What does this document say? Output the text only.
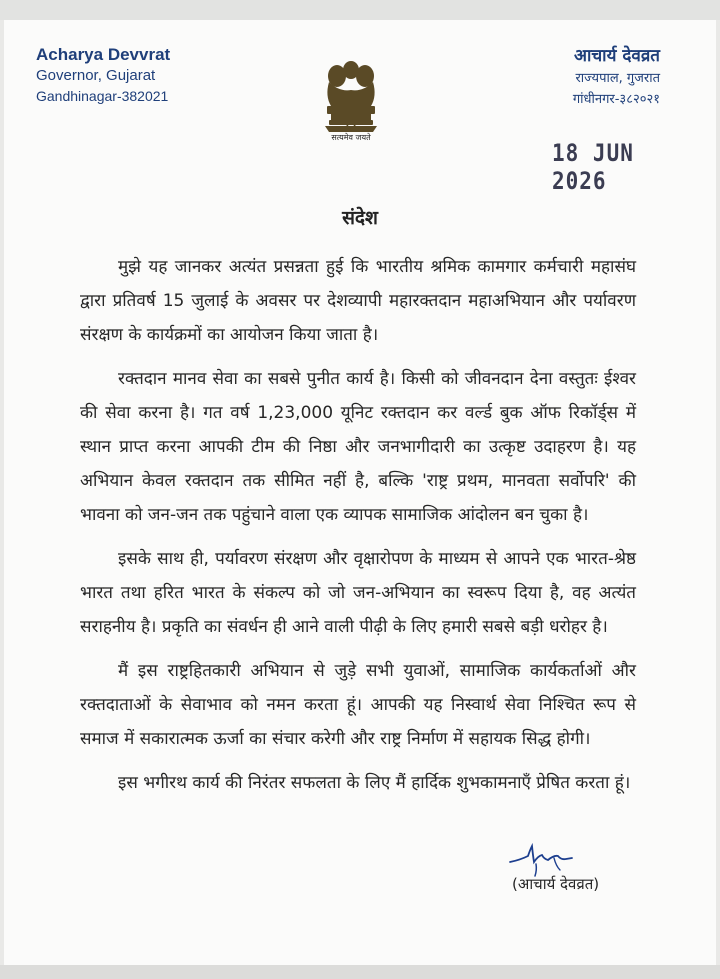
Acharya Devvrat
Governor, Gujarat
Gandhinagar-382021
सत्यमेव जयते
आचार्य देवव्रत
राज्यपाल, गुजरात
गांधीनगर-३८२०२१
18 JUN 2026
संदेश

मुझे यह जानकर अत्यंत प्रसन्नता हुई कि भारतीय श्रमिक कामगार कर्मचारी महासंघ द्वारा प्रतिवर्ष 15 जुलाई के अवसर पर देशव्यापी महारक्तदान महाअभियान और पर्यावरण संरक्षण के कार्यक्रमों का आयोजन किया जाता है।

रक्तदान मानव सेवा का सबसे पुनीत कार्य है। किसी को जीवनदान देना वस्तुतः ईश्वर की सेवा करना है। गत वर्ष 1,23,000 यूनिट रक्तदान कर वर्ल्ड बुक ऑफ रिकॉर्ड्स में स्थान प्राप्त करना आपकी टीम की निष्ठा और जनभागीदारी का उत्कृष्ट उदाहरण है। यह अभियान केवल रक्तदान तक सीमित नहीं है, बल्कि 'राष्ट्र प्रथम, मानवता सर्वोपरि' की भावना को जन-जन तक पहुंचाने वाला एक व्यापक सामाजिक आंदोलन बन चुका है।

इसके साथ ही, पर्यावरण संरक्षण और वृक्षारोपण के माध्यम से आपने एक भारत-श्रेष्ठ भारत तथा हरित भारत के संकल्प को जो जन-अभियान का स्वरूप दिया है, वह अत्यंत सराहनीय है। प्रकृति का संवर्धन ही आने वाली पीढ़ी के लिए हमारी सबसे बड़ी धरोहर है।

मैं इस राष्ट्रहितकारी अभियान से जुड़े सभी युवाओं, सामाजिक कार्यकर्ताओं और रक्तदाताओं के सेवाभाव को नमन करता हूं। आपकी यह निस्वार्थ सेवा निश्चित रूप से समाज में सकारात्मक ऊर्जा का संचार करेगी और राष्ट्र निर्माण में सहायक सिद्ध होगी।

इस भगीरथ कार्य की निरंतर सफलता के लिए मैं हार्दिक शुभकामनाएँ प्रेषित करता हूं।

(आचार्य देवव्रत)
